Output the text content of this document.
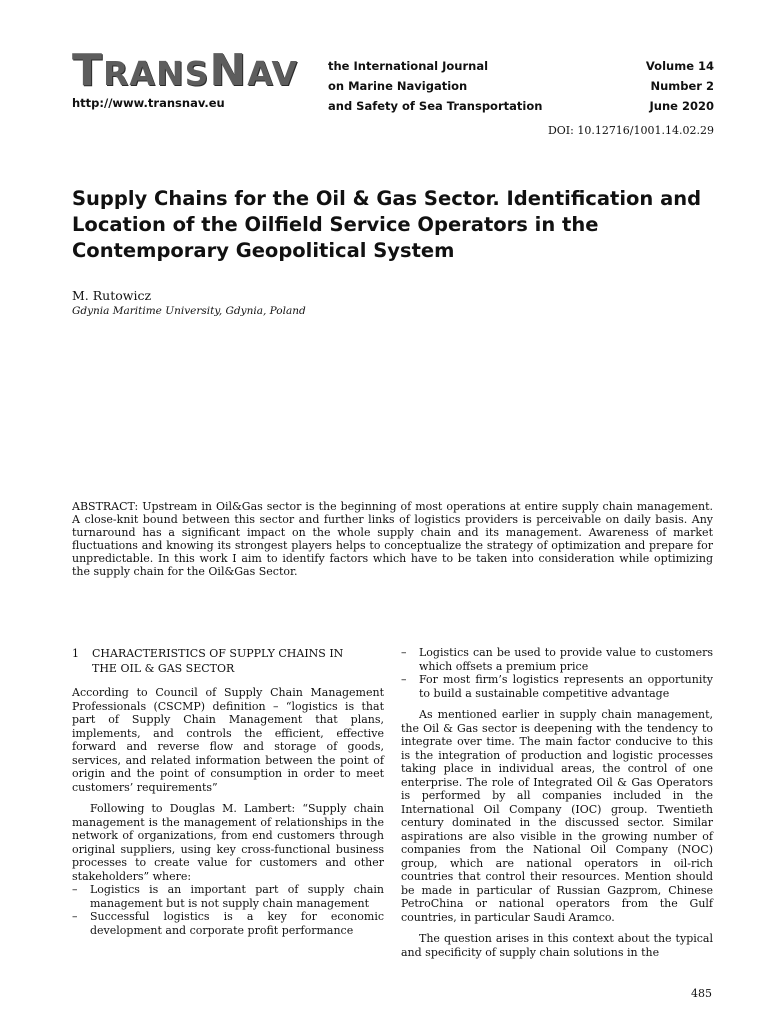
TRANSNAV
http://www.transnav.eu
the International Journal
on Marine Navigation
and Safety of Sea Transportation
Volume 14
Number 2
June 2020
DOI: 10.12716/1001.14.02.29
Supply Chains for the Oil & Gas Sector. Identification and Location of the Oilfield Service Operators in the Contemporary Geopolitical System
M. Rutowicz
Gdynia Maritime University, Gdynia, Poland

ABSTRACT: Upstream in Oil&Gas sector is the beginning of most operations at entire supply chain management. A close-knit bound between this sector and further links of logistics providers is perceivable on daily basis. Any turnaround has a significant impact on the whole supply chain and its management. Awareness of market fluctuations and knowing its strongest players helps to conceptualize the strategy of optimization and prepare for unpredictable. In this work I aim to identify factors which have to be taken into consideration while optimizing the supply chain for the Oil&Gas Sector.

1	CHARACTERISTICS OF SUPPLY CHAINS IN
THE OIL & GAS SECTOR

According to Council of Supply Chain Management Professionals (CSCMP) definition – “logistics is that part of Supply Chain Management that plans, implements, and controls the efficient, effective forward and reverse flow and storage of goods, services, and related information between the point of origin and the point of consumption in order to meet customers’ requirements”

Following to Douglas M. Lambert: “Supply chain management is the management of relationships in the network of organizations, from end customers through original suppliers, using key cross-functional business processes to create value for customers and other stakeholders” where:

–	Logistics is an important part of supply chain management but is not supply chain management
–	Successful logistics is a key for economic development and corporate profit performance
–	Logistics can be used to provide value to customers which offsets a premium price
–	For most firm’s logistics represents an opportunity to build a sustainable competitive advantage

As mentioned earlier in supply chain management, the Oil & Gas sector is deepening with the tendency to integrate over time. The main factor conducive to this is the integration of production and logistic processes taking place in individual areas, the control of one enterprise. The role of Integrated Oil & Gas Operators is performed by all companies included in the International Oil Company (IOC) group. Twentieth century dominated in the discussed sector. Similar aspirations are also visible in the growing number of companies from the National Oil Company (NOC) group, which are national operators in oil-rich countries that control their resources. Mention should be made in particular of Russian Gazprom, Chinese PetroChina or national operators from the Gulf countries, in particular Saudi Aramco.

The question arises in this context about the typical and specificity of supply chain solutions in the

485
